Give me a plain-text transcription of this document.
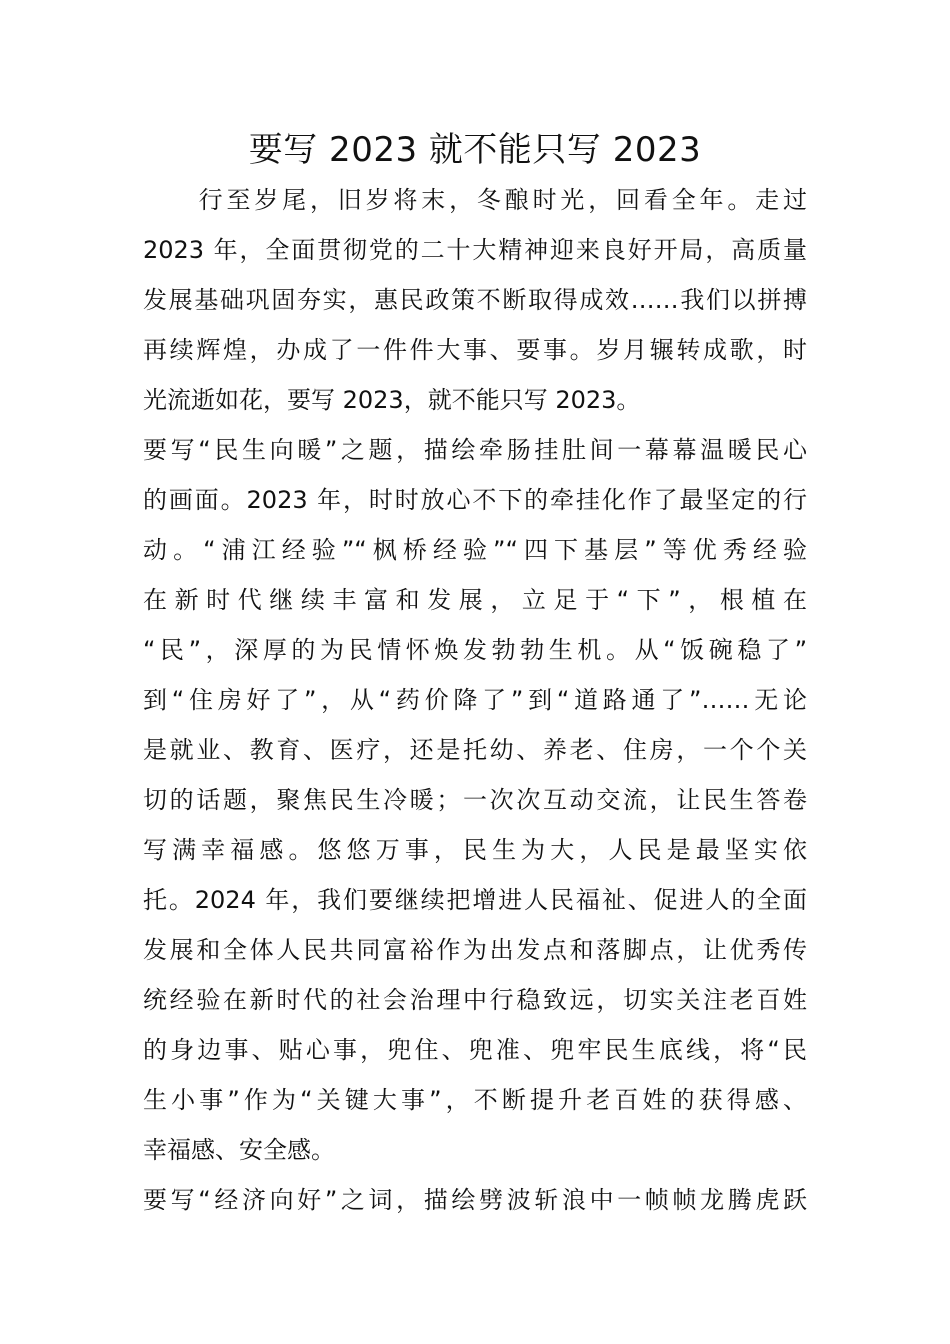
要写 2023 就不能只写 2023
　　行至岁尾，旧岁将末，冬酿时光，回看全年。走过
2023 年，全面贯彻党的二十大精神迎来良好开局，高质量
发展基础巩固夯实，惠民政策不断取得成效……我们以拼搏
再续辉煌，办成了一件件大事、要事。岁月辗转成歌，时
光流逝如花，要写 2023，就不能只写 2023。
要写“民生向暖”之题，描绘牵肠挂肚间一幕幕温暖民心
的画面。2023 年，时时放心不下的牵挂化作了最坚定的行
动。“浦江经验”“枫桥经验”“四下基层”等优秀经验
在新时代继续丰富和发展，立足于“下”，根植在
“民”，深厚的为民情怀焕发勃勃生机。从“饭碗稳了”
到“住房好了”，从“药价降了”到“道路通了”……无论
是就业、教育、医疗，还是托幼、养老、住房，一个个关
切的话题，聚焦民生冷暖；一次次互动交流，让民生答卷
写满幸福感。悠悠万事，民生为大，人民是最坚实依
托。2024 年，我们要继续把增进人民福祉、促进人的全面
发展和全体人民共同富裕作为出发点和落脚点，让优秀传
统经验在新时代的社会治理中行稳致远，切实关注老百姓
的身边事、贴心事，兜住、兜准、兜牢民生底线，将“民
生小事”作为“关键大事”，不断提升老百姓的获得感、
幸福感、安全感。
要写“经济向好”之词，描绘劈波斩浪中一帧帧龙腾虎跃
